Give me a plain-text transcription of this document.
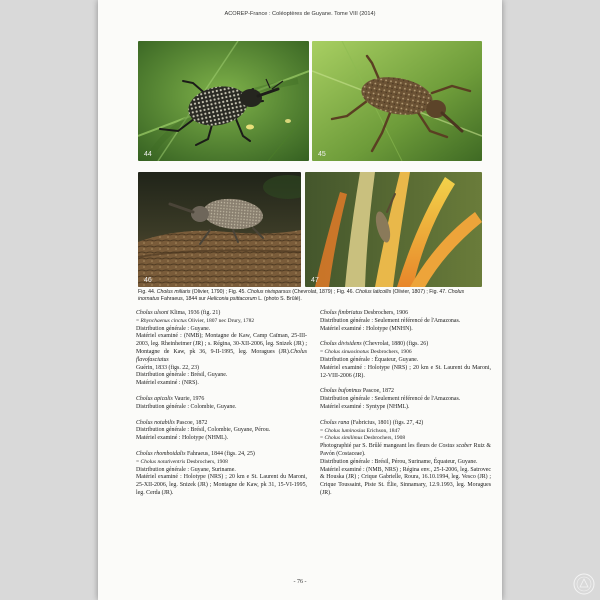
ACOREP-France : Coléoptères de Guyane. Tome VIII (2014)
44	45
46	47
Fig. 44. Cholus miliaris (Olivier, 1790) ; Fig. 45. Cholus nivisparsus (Chevrolat, 1879) ; Fig. 46. Cholus laticollis (Olivier, 1807) ; Fig. 47. Cholus inornatus Fahraeus, 1844 sur Heliconia psittacorum L. (photo S. Brûlé).
Cholus ulsoni Klima, 1936 (fig. 21)
= Rhynchaenus cinctus Olivier, 1807 nec Drury, 1782
Distribution générale : Guyane.
Matériel examiné : (NMB); Montagne de Kaw, Camp Caïman, 25-III-2003, leg. Rheinheimer (JR) ; s. Régina, 30-XII-2006, leg. Snizek (JR) ; Montagne de Kaw, pk 36, 9-II-1995, leg. Moragues (JR).Cholus flavofasciatus
Guérin, 1833 (figs. 22, 23)
Distribution générale : Brésil, Guyane.
Matériel examiné : (NRS).
Cholus apicalis Vaurie, 1976
Distribution générale : Colombie, Guyane.
Cholus notabilis Pascoe, 1872
Distribution générale : Brésil, Colombie, Guyane, Pérou.
Matériel examiné : Holotype (NHML).
Cholus rhomboidalis Fahraeus, 1844 (figs. 24, 25)
= Cholus notativentris Desbrochers, 1908
Distribution générale : Guyane, Suriname.
Matériel examiné : Holotype (NRS) ; 20 km e St. Laurent du Maroni, 25-XII-2006, leg. Snizek (JR) ; Montagne de Kaw, pk 31, 15-VI-1995, leg. Cerda (JR).
Cholus fimbriatus Desbrochers, 1906
Distribution générale : Seulement référencé de l'Amazonas.
Matériel examiné : Holotype (MNHN).
Cholus divisidens (Chevrolat, 1880) (figs. 26)
= Cholus sinuosinotus Desbrochers, 1906
Distribution générale : Équateur, Guyane.
Matériel examiné : Holotype (NRS) ; 20 km e St. Laurent du Maroni, 12-VIII-2006 (JR).
Cholus bufoninus Pascoe, 1872
Distribution générale : Seulement référencé de l'Amazonas.
Matériel examiné : Syntype (NHML).
Cholus rana (Fabricius, 1801) (figs. 27, 42)
= Cholus luminosius Erichson, 1847
= Cholus similimus Desbrochers, 1908
Photographié par S. Brûlé mangeant les fleurs de Costus scaber Ruiz & Pavón (Costaceae).
Distribution générale : Brésil, Pérou, Suriname, Équateur, Guyane.
Matériel examiné : (NMB, NRS) ; Régina env., 25-I-2006, leg. Satrovec & Houska (JR) ; Crique Gabrielle, Roura, 16.10.1994, leg. Vesco (JR) ; Crique Toussaint, Piste St. Élie, Sinnamary, 12.9.1993, leg. Moragues (JR).
- 76 -
